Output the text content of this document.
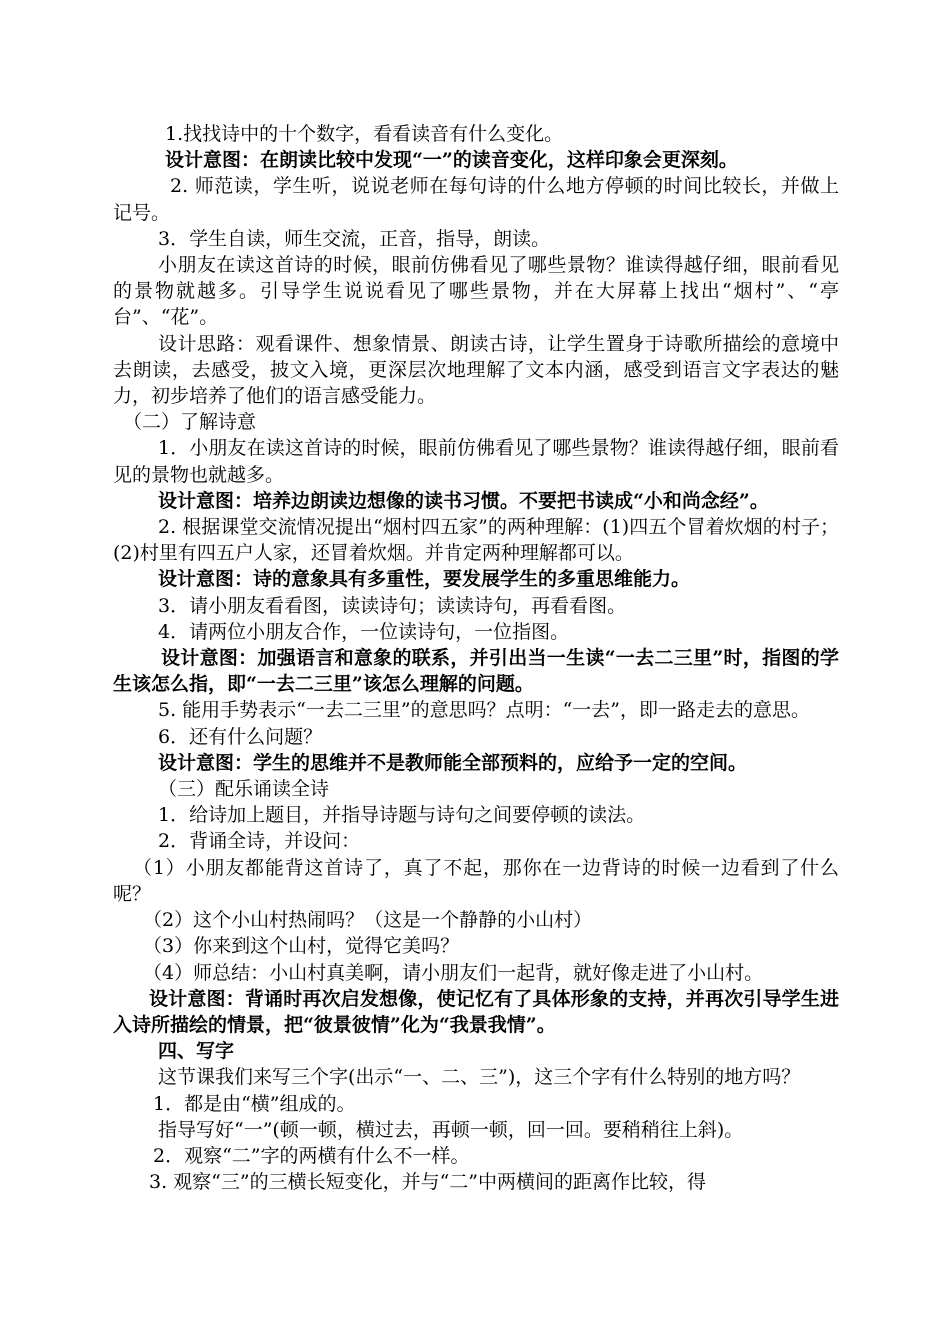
1.找找诗中的十个数字，看看读音有什么变化。

设计意图：在朗读比较中发现“一”的读音变化，这样印象会更深刻。

2. 师范读，学生听，说说老师在每句诗的什么地方停顿的时间比较长，并做上记号。

3．学生自读，师生交流，正音，指导，朗读。

小朋友在读这首诗的时候，眼前仿佛看见了哪些景物？谁读得越仔细，眼前看见的景物就越多。引导学生说说看见了哪些景物，并在大屏幕上找出“烟村”、“亭台”、“花”。

设计思路：观看课件、想象情景、朗读古诗，让学生置身于诗歌所描绘的意境中去朗读，去感受，披文入境，更深层次地理解了文本内涵，感受到语言文字表达的魅力，初步培养了他们的语言感受能力。

（二）了解诗意

1．小朋友在读这首诗的时候，眼前仿佛看见了哪些景物？谁读得越仔细，眼前看见的景物也就越多。

设计意图：培养边朗读边想像的读书习惯。不要把书读成“小和尚念经”。

2. 根据课堂交流情况提出“烟村四五家”的两种理解：(1)四五个冒着炊烟的村子；(2)村里有四五户人家，还冒着炊烟。并肯定两种理解都可以。

设计意图：诗的意象具有多重性，要发展学生的多重思维能力。

3．请小朋友看看图，读读诗句；读读诗句，再看看图。

4．请两位小朋友合作，一位读诗句，一位指图。

设计意图：加强语言和意象的联系，并引出当一生读“一去二三里”时，指图的学生该怎么指，即“一去二三里”该怎么理解的问题。

5. 能用手势表示“一去二三里”的意思吗？点明：“一去”，即一路走去的意思。

6．还有什么问题？

设计意图：学生的思维并不是教师能全部预料的，应给予一定的空间。

（三）配乐诵读全诗

1．给诗加上题目，并指导诗题与诗句之间要停顿的读法。

2．背诵全诗，并设问：

（1）小朋友都能背这首诗了，真了不起，那你在一边背诗的时候一边看到了什么呢？

（2）这个小山村热闹吗？（这是一个静静的小山村）

（3）你来到这个山村，觉得它美吗？

（4）师总结：小山村真美啊，请小朋友们一起背，就好像走进了小山村。

设计意图：背诵时再次启发想像，使记忆有了具体形象的支持，并再次引导学生进入诗所描绘的情景，把“彼景彼情”化为“我景我情”。

四、写字

这节课我们来写三个字(出示“一、二、三”)，这三个字有什么特别的地方吗？

1．都是由“横”组成的。

指导写好“一”(顿一顿，横过去，再顿一顿，回一回。要稍稍往上斜)。

2．观察“二”字的两横有什么不一样。

3. 观察“三”的三横长短变化，并与“二”中两横间的距离作比较，得
